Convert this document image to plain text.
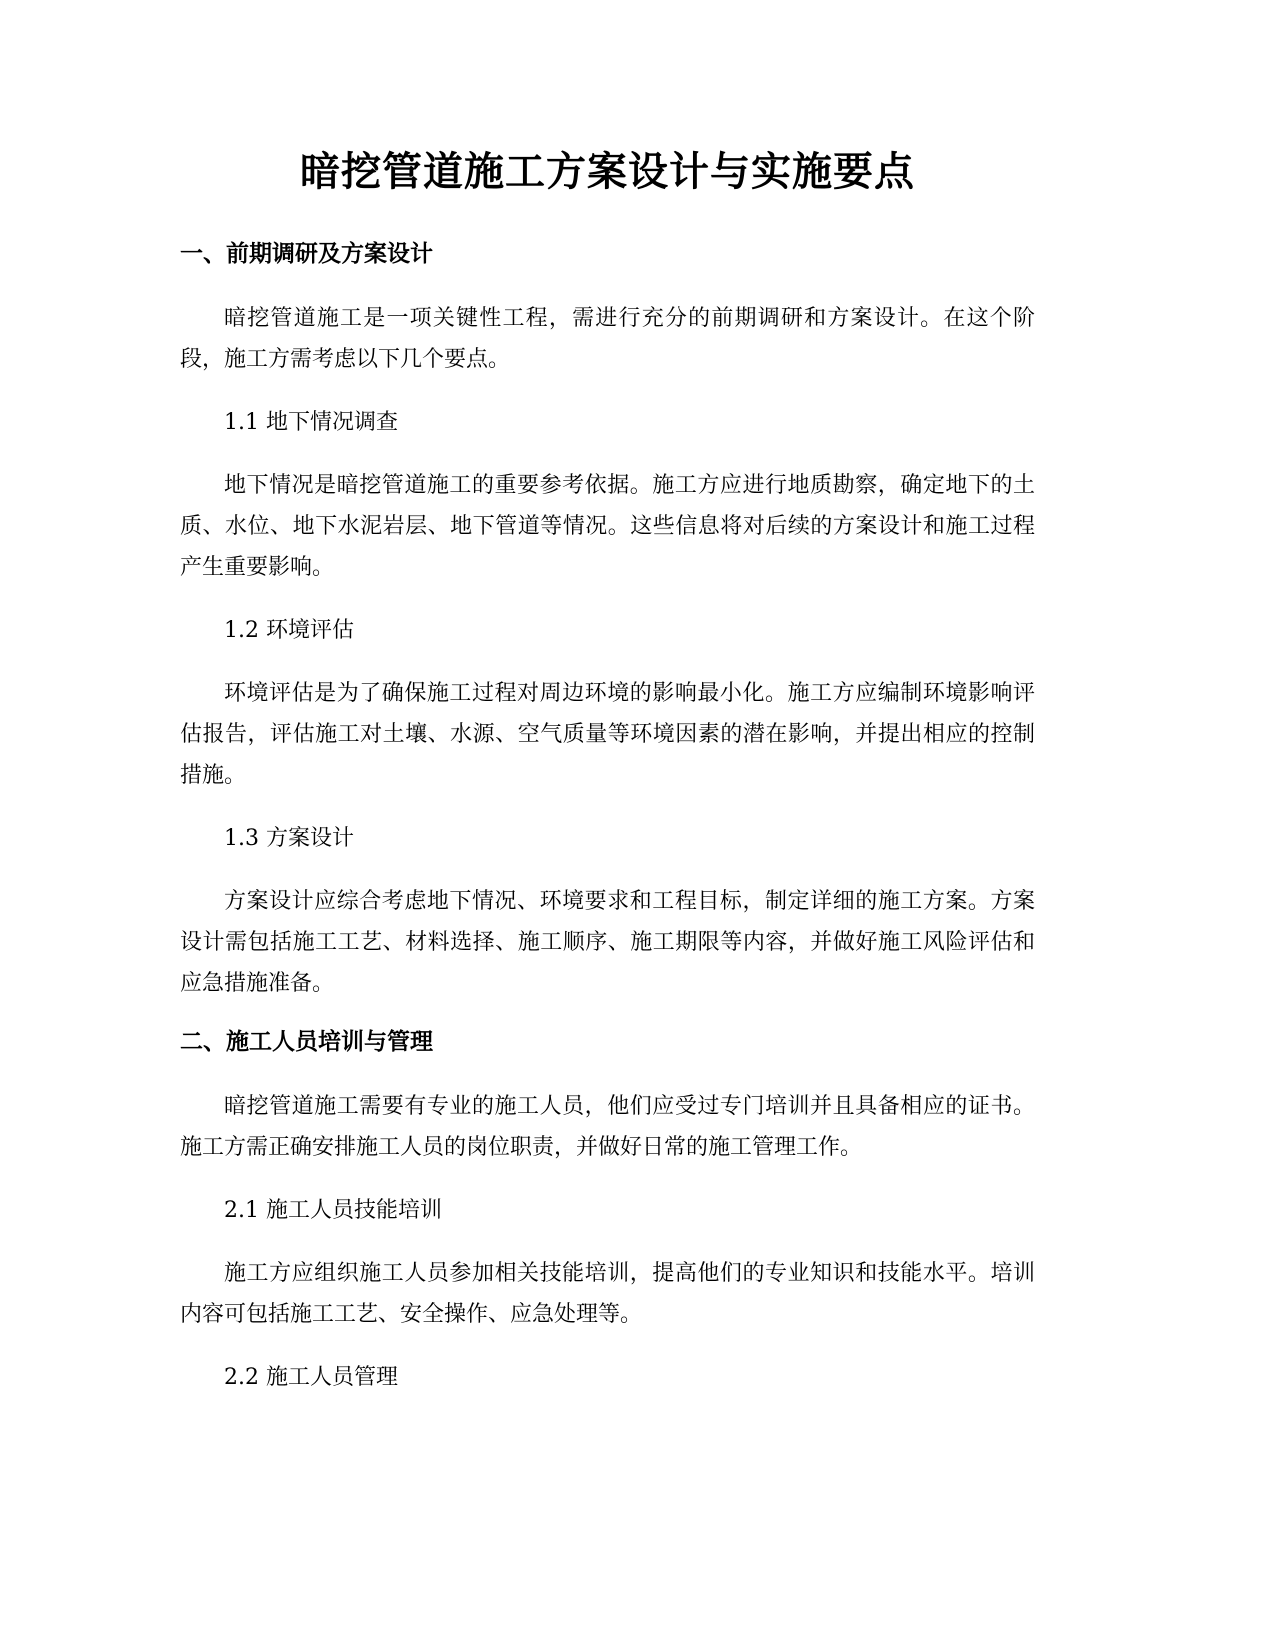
暗挖管道施工方案设计与实施要点
一、前期调研及方案设计

暗挖管道施工是一项关键性工程，需进行充分的前期调研和方案设计。在这个阶段，施工方需考虑以下几个要点。

1.1 地下情况调查

地下情况是暗挖管道施工的重要参考依据。施工方应进行地质勘察，确定地下的土质、水位、地下水泥岩层、地下管道等情况。这些信息将对后续的方案设计和施工过程产生重要影响。

1.2 环境评估

环境评估是为了确保施工过程对周边环境的影响最小化。施工方应编制环境影响评估报告，评估施工对土壤、水源、空气质量等环境因素的潜在影响，并提出相应的控制措施。

1.3 方案设计

方案设计应综合考虑地下情况、环境要求和工程目标，制定详细的施工方案。方案设计需包括施工工艺、材料选择、施工顺序、施工期限等内容，并做好施工风险评估和应急措施准备。

二、施工人员培训与管理

暗挖管道施工需要有专业的施工人员，他们应受过专门培训并且具备相应的证书。施工方需正确安排施工人员的岗位职责，并做好日常的施工管理工作。

2.1 施工人员技能培训

施工方应组织施工人员参加相关技能培训，提高他们的专业知识和技能水平。培训内容可包括施工工艺、安全操作、应急处理等。

2.2 施工人员管理
